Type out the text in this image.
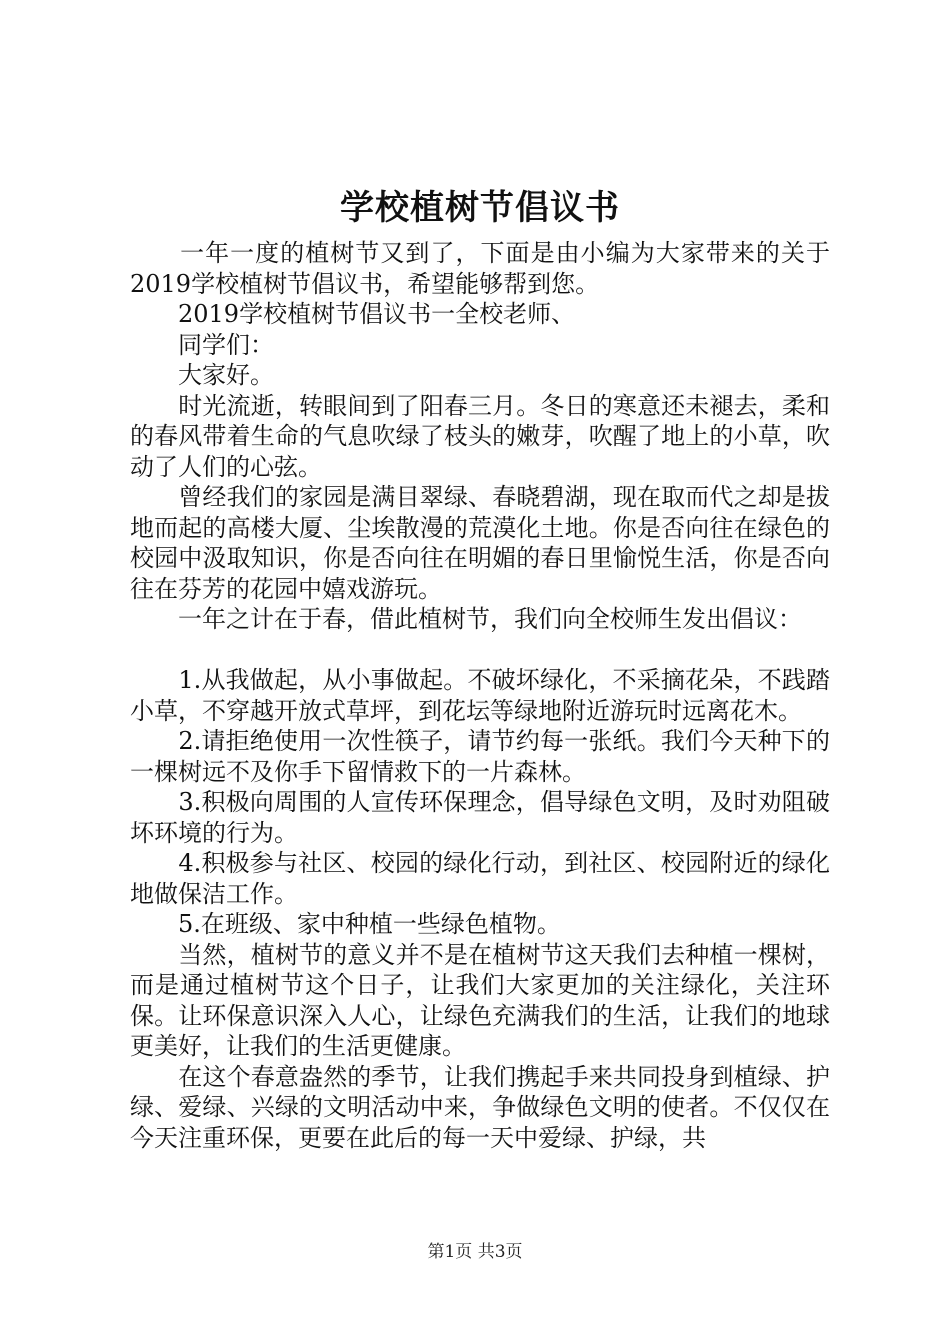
学校植树节倡议书

　　一年一度的植树节又到了，下面是由小编为大家带来的关于2019学校植树节倡议书，希望能够帮到您。

　　2019学校植树节倡议书一全校老师、

　　同学们：

　　大家好。

　　时光流逝，转眼间到了阳春三月。冬日的寒意还未褪去，柔和的春风带着生命的气息吹绿了枝头的嫩芽，吹醒了地上的小草，吹动了人们的心弦。

　　曾经我们的家园是满目翠绿、春晓碧湖，现在取而代之却是拔地而起的高楼大厦、尘埃散漫的荒漠化土地。你是否向往在绿色的校园中汲取知识，你是否向往在明媚的春日里愉悦生活，你是否向往在芬芳的花园中嬉戏游玩。

　　一年之计在于春，借此植树节，我们向全校师生发出倡议：

　　1.从我做起，从小事做起。不破坏绿化，不采摘花朵，不践踏小草，不穿越开放式草坪，到花坛等绿地附近游玩时远离花木。

　　2.请拒绝使用一次性筷子，请节约每一张纸。我们今天种下的一棵树远不及你手下留情救下的一片森林。

　　3.积极向周围的人宣传环保理念，倡导绿色文明，及时劝阻破坏环境的行为。

　　4.积极参与社区、校园的绿化行动，到社区、校园附近的绿化地做保洁工作。

　　5.在班级、家中种植一些绿色植物。

　　当然，植树节的意义并不是在植树节这天我们去种植一棵树，而是通过植树节这个日子，让我们大家更加的关注绿化，关注环保。让环保意识深入人心，让绿色充满我们的生活，让我们的地球更美好，让我们的生活更健康。

　　在这个春意盎然的季节，让我们携起手来共同投身到植绿、护绿、爱绿、兴绿的文明活动中来，争做绿色文明的使者。不仅仅在今天注重环保，更要在此后的每一天中爱绿、护绿，共

第1页 共3页
